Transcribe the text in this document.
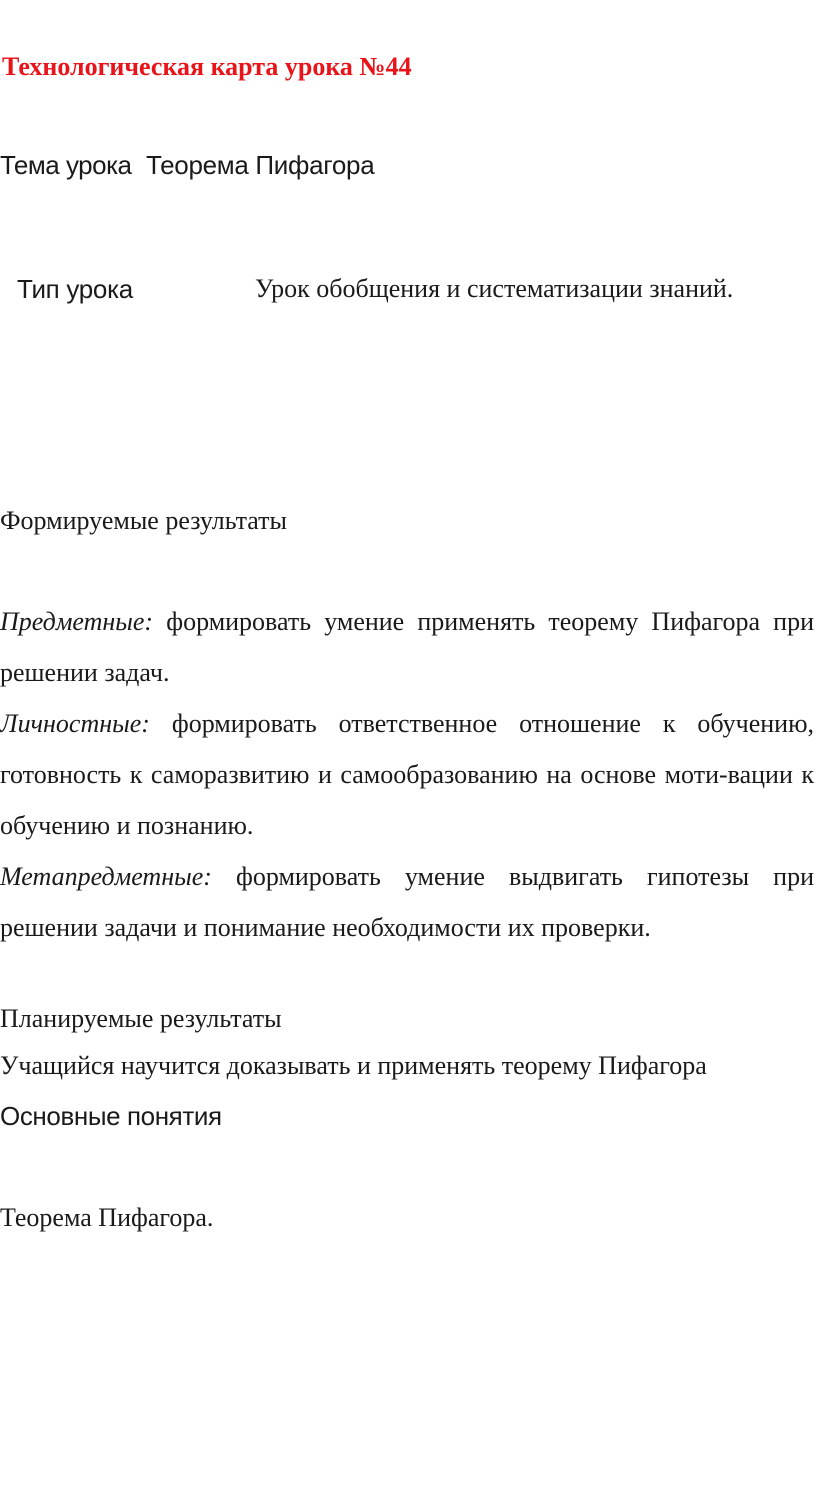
Технологическая карта урока №44
Тема урока Теорема Пифагора
Тип урока	Урок обобщения и систематизации знаний.
Формируемые результаты
Предметные: формировать умение применять теорему Пифагора при решении задач.
Личностные: формировать ответственное отношение к обучению, готовность к саморазвитию и самообразованию на основе моти-вации к обучению и познанию.
Метапредметные: формировать умение выдвигать гипотезы при решении задачи и понимание необходимости их проверки.
Планируемые результаты
Учащийся научится доказывать и применять теорему Пифагора
Основные понятия
Теорема Пифагора.
